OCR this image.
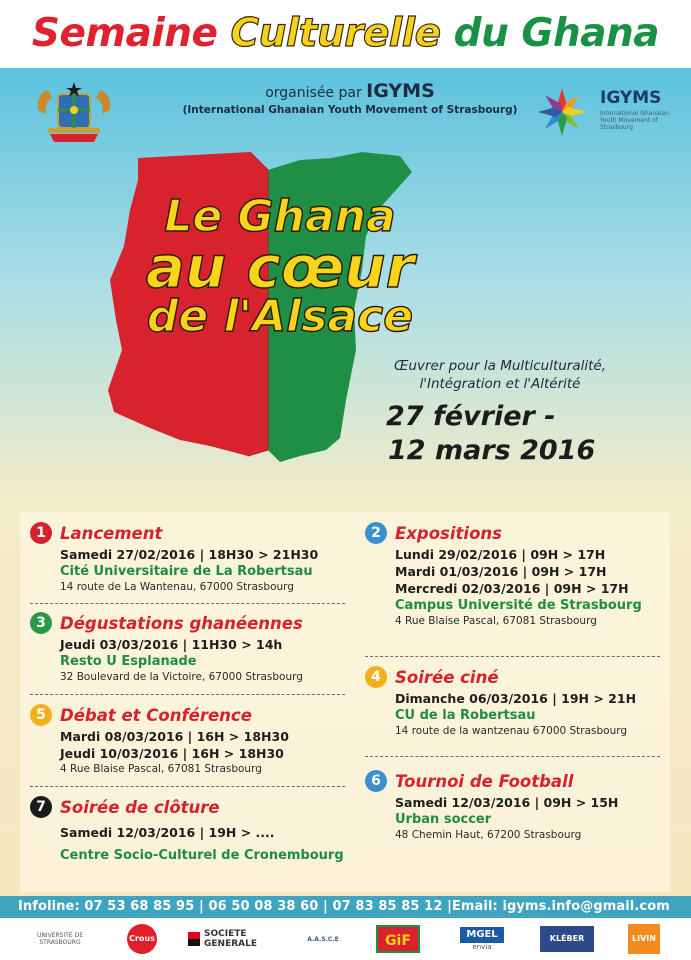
Semaine Culturelle du Ghana
organisée par IGYMS
(International Ghanaian Youth Movement of Strasbourg)
IGYMS
International Ghanaian Youth Movement of Strasbourg
Le Ghana
au cœur
de l'Alsace
Œuvrer pour la Multiculturalité,
l'Intégration et l'Altérité
27 février -
12 mars 2016
1 Lancement
Samedi 27/02/2016 | 18H30 > 21H30
Cité Universitaire de La Robertsau
14 route de La Wantenau, 67000 Strasbourg
3 Dégustations ghanéennes
Jeudi 03/03/2016 | 11H30 > 14h
Resto U Esplanade
32 Boulevard de la Victoire, 67000 Strasbourg
5 Débat et Conférence
Mardi 08/03/2016 | 16H > 18H30
Jeudi 10/03/2016 | 16H > 18H30
4 Rue Blaise Pascal, 67081 Strasbourg
7 Soirée de clôture
Samedi 12/03/2016 | 19H > ....
Centre Socio-Culturel de Cronembourg
2 Expositions
Lundi 29/02/2016 | 09H > 17H
Mardi 01/03/2016 | 09H > 17H
Mercredi 02/03/2016 | 09H > 17H
Campus Université de Strasbourg
4 Rue Blaise Pascal, 67081 Strasbourg
4 Soirée ciné
Dimanche 06/03/2016 | 19H > 21H
CU de la Robertsau
14 route de la wantzenau 67000 Strasbourg
6 Tournoi de Football
Samedi 12/03/2016 | 09H > 15H
Urban soccer
48 Chemin Haut, 67200 Strasbourg
Infoline: 07 53 68 85 95 | 06 50 08 38 60 | 07 83 85 85 12 |Email: igyms.info@gmail.com
UNIVERSITÉ DE STRASBOURG	Crous	SOCIETE
GENERALE	A.A.S.C.E	GiF	MGEL
envia
KLÉBER	LIVIN
